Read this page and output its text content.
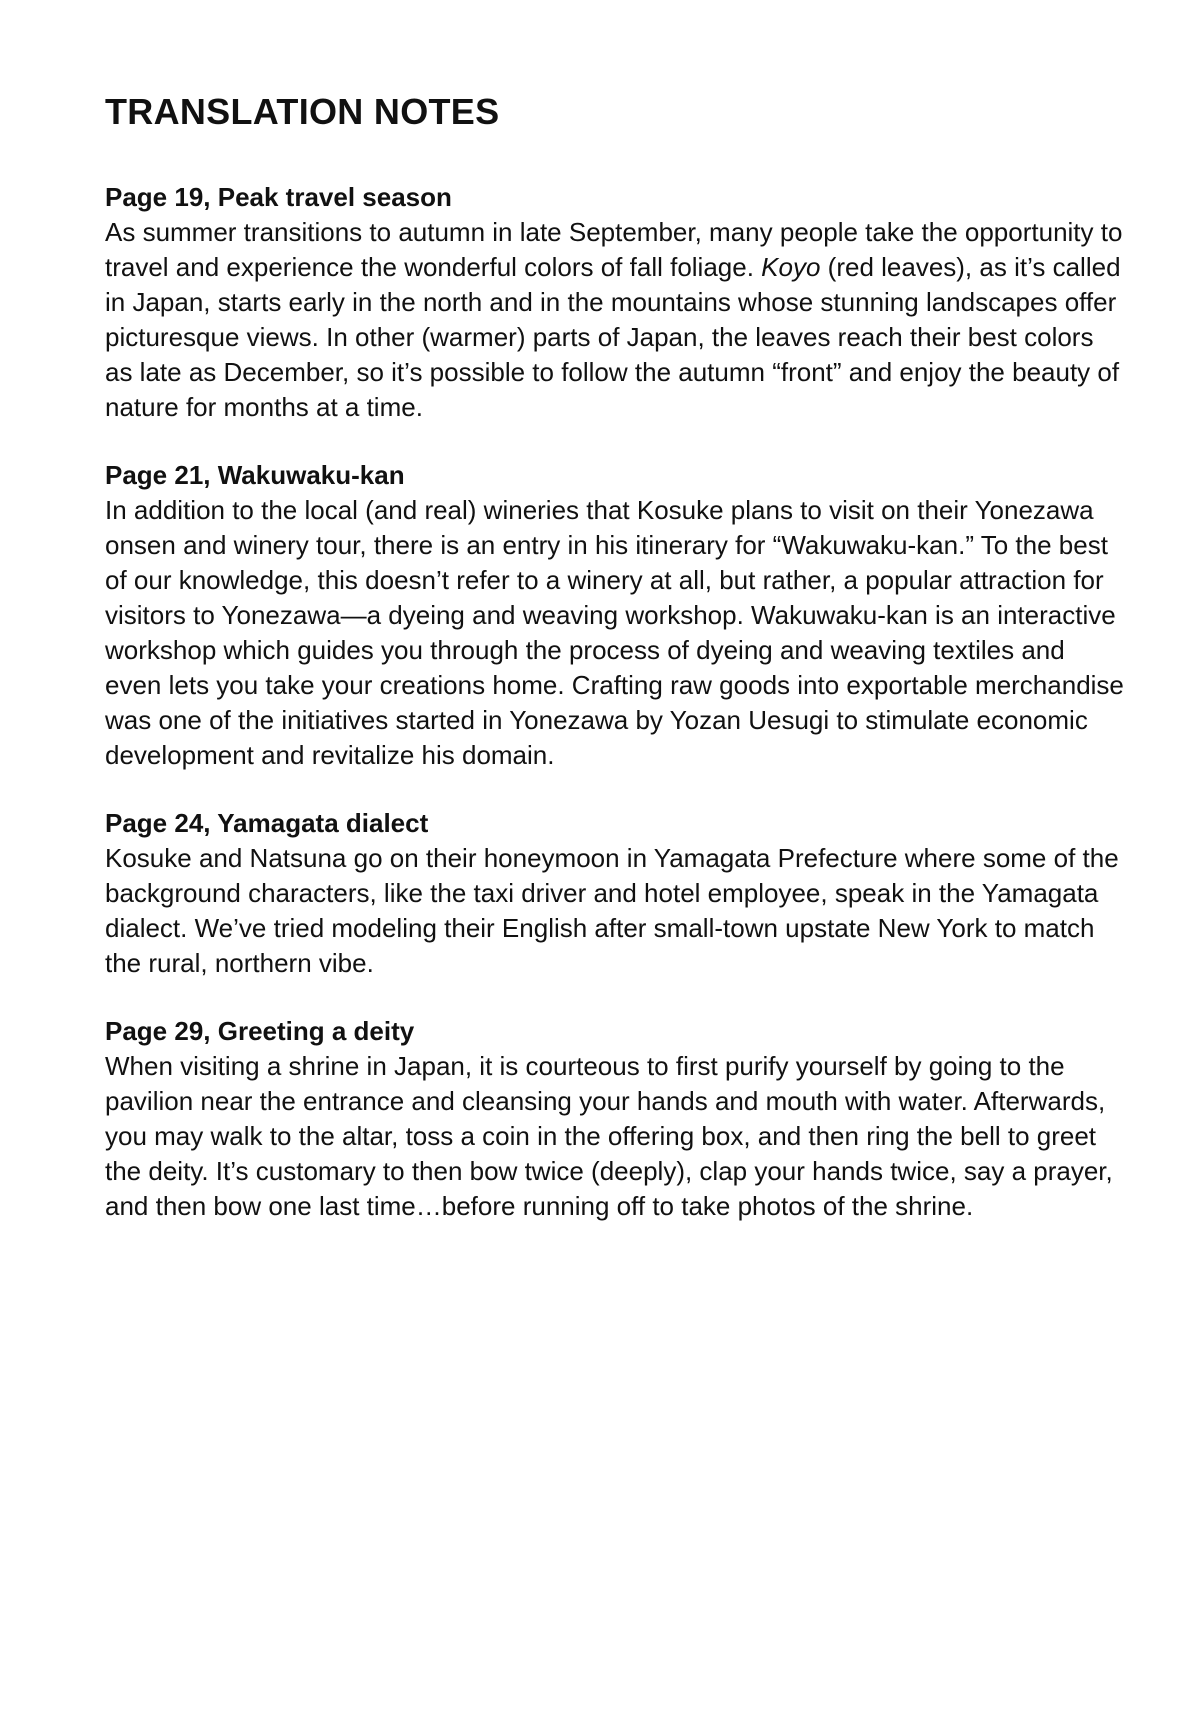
TRANSLATION NOTES

Page 19, Peak travel season

As summer transitions to autumn in late September, many people take the opportunity to travel and experience the wonderful colors of fall foliage. Koyo (red leaves), as it’s called in Japan, starts early in the north and in the mountains whose stunning landscapes offer picturesque views. In other (warmer) parts of Japan, the leaves reach their best colors as late as December, so it’s possible to follow the autumn “front” and enjoy the beauty of nature for months at a time.

Page 21, Wakuwaku-kan

In addition to the local (and real) wineries that Kosuke plans to visit on their Yonezawa onsen and winery tour, there is an entry in his itinerary for “Wakuwaku-kan.” To the best of our knowledge, this doesn’t refer to a winery at all, but rather, a popular attraction for visitors to Yonezawa—a dyeing and weaving workshop. Wakuwaku-kan is an interactive workshop which guides you through the process of dyeing and weaving textiles and even lets you take your creations home. Crafting raw goods into exportable merchandise was one of the initiatives started in Yonezawa by Yozan Uesugi to stimulate economic development and revitalize his domain.

Page 24, Yamagata dialect

Kosuke and Natsuna go on their honeymoon in Yamagata Prefecture where some of the background characters, like the taxi driver and hotel employee, speak in the Yamagata dialect. We’ve tried modeling their English after small-town upstate New York to match the rural, northern vibe.

Page 29, Greeting a deity

When visiting a shrine in Japan, it is courteous to first purify yourself by going to the pavilion near the entrance and cleansing your hands and mouth with water. Afterwards, you may walk to the altar, toss a coin in the offering box, and then ring the bell to greet the deity. It’s customary to then bow twice (deeply), clap your hands twice, say a prayer, and then bow one last time…before running off to take photos of the shrine.
